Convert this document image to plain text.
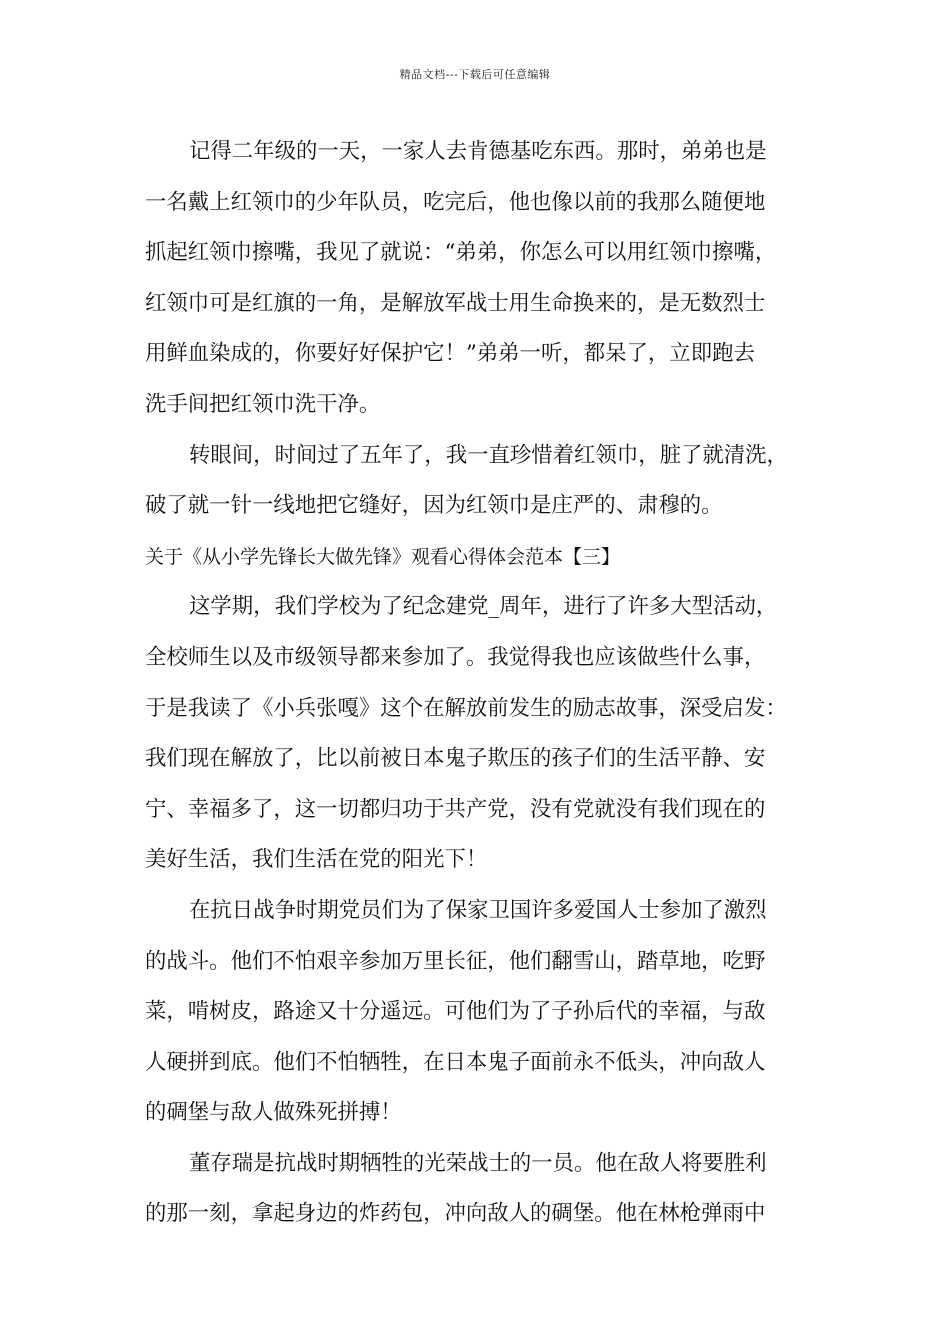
精品文档---下载后可任意编辑
记得二年级的一天，一家人去肯德基吃东西。那时，弟弟也是
一名戴上红领巾的少年队员，吃完后，他也像以前的我那么随便地
抓起红领巾擦嘴，我见了就说：“弟弟，你怎么可以用红领巾擦嘴，
红领巾可是红旗的一角，是解放军战士用生命换来的，是无数烈士
用鲜血染成的，你要好好保护它！”弟弟一听，都呆了，立即跑去
洗手间把红领巾洗干净。
转眼间，时间过了五年了，我一直珍惜着红领巾，脏了就清洗，
破了就一针一线地把它缝好，因为红领巾是庄严的、肃穆的。
关于《从小学先锋长大做先锋》观看心得体会范本【三】
这学期，我们学校为了纪念建党_周年，进行了许多大型活动，
全校师生以及市级领导都来参加了。我觉得我也应该做些什么事，
于是我读了《小兵张嘎》这个在解放前发生的励志故事，深受启发：
我们现在解放了，比以前被日本鬼子欺压的孩子们的生活平静、安
宁、幸福多了，这一切都归功于共产党，没有党就没有我们现在的
美好生活，我们生活在党的阳光下！
在抗日战争时期党员们为了保家卫国许多爱国人士参加了激烈
的战斗。他们不怕艰辛参加万里长征，他们翻雪山，踏草地，吃野
菜，啃树皮，路途又十分遥远。可他们为了子孙后代的幸福，与敌
人硬拼到底。他们不怕牺牲，在日本鬼子面前永不低头，冲向敌人
的碉堡与敌人做殊死拼搏！
董存瑞是抗战时期牺牲的光荣战士的一员。他在敌人将要胜利
的那一刻，拿起身边的炸药包，冲向敌人的碉堡。他在林枪弹雨中
